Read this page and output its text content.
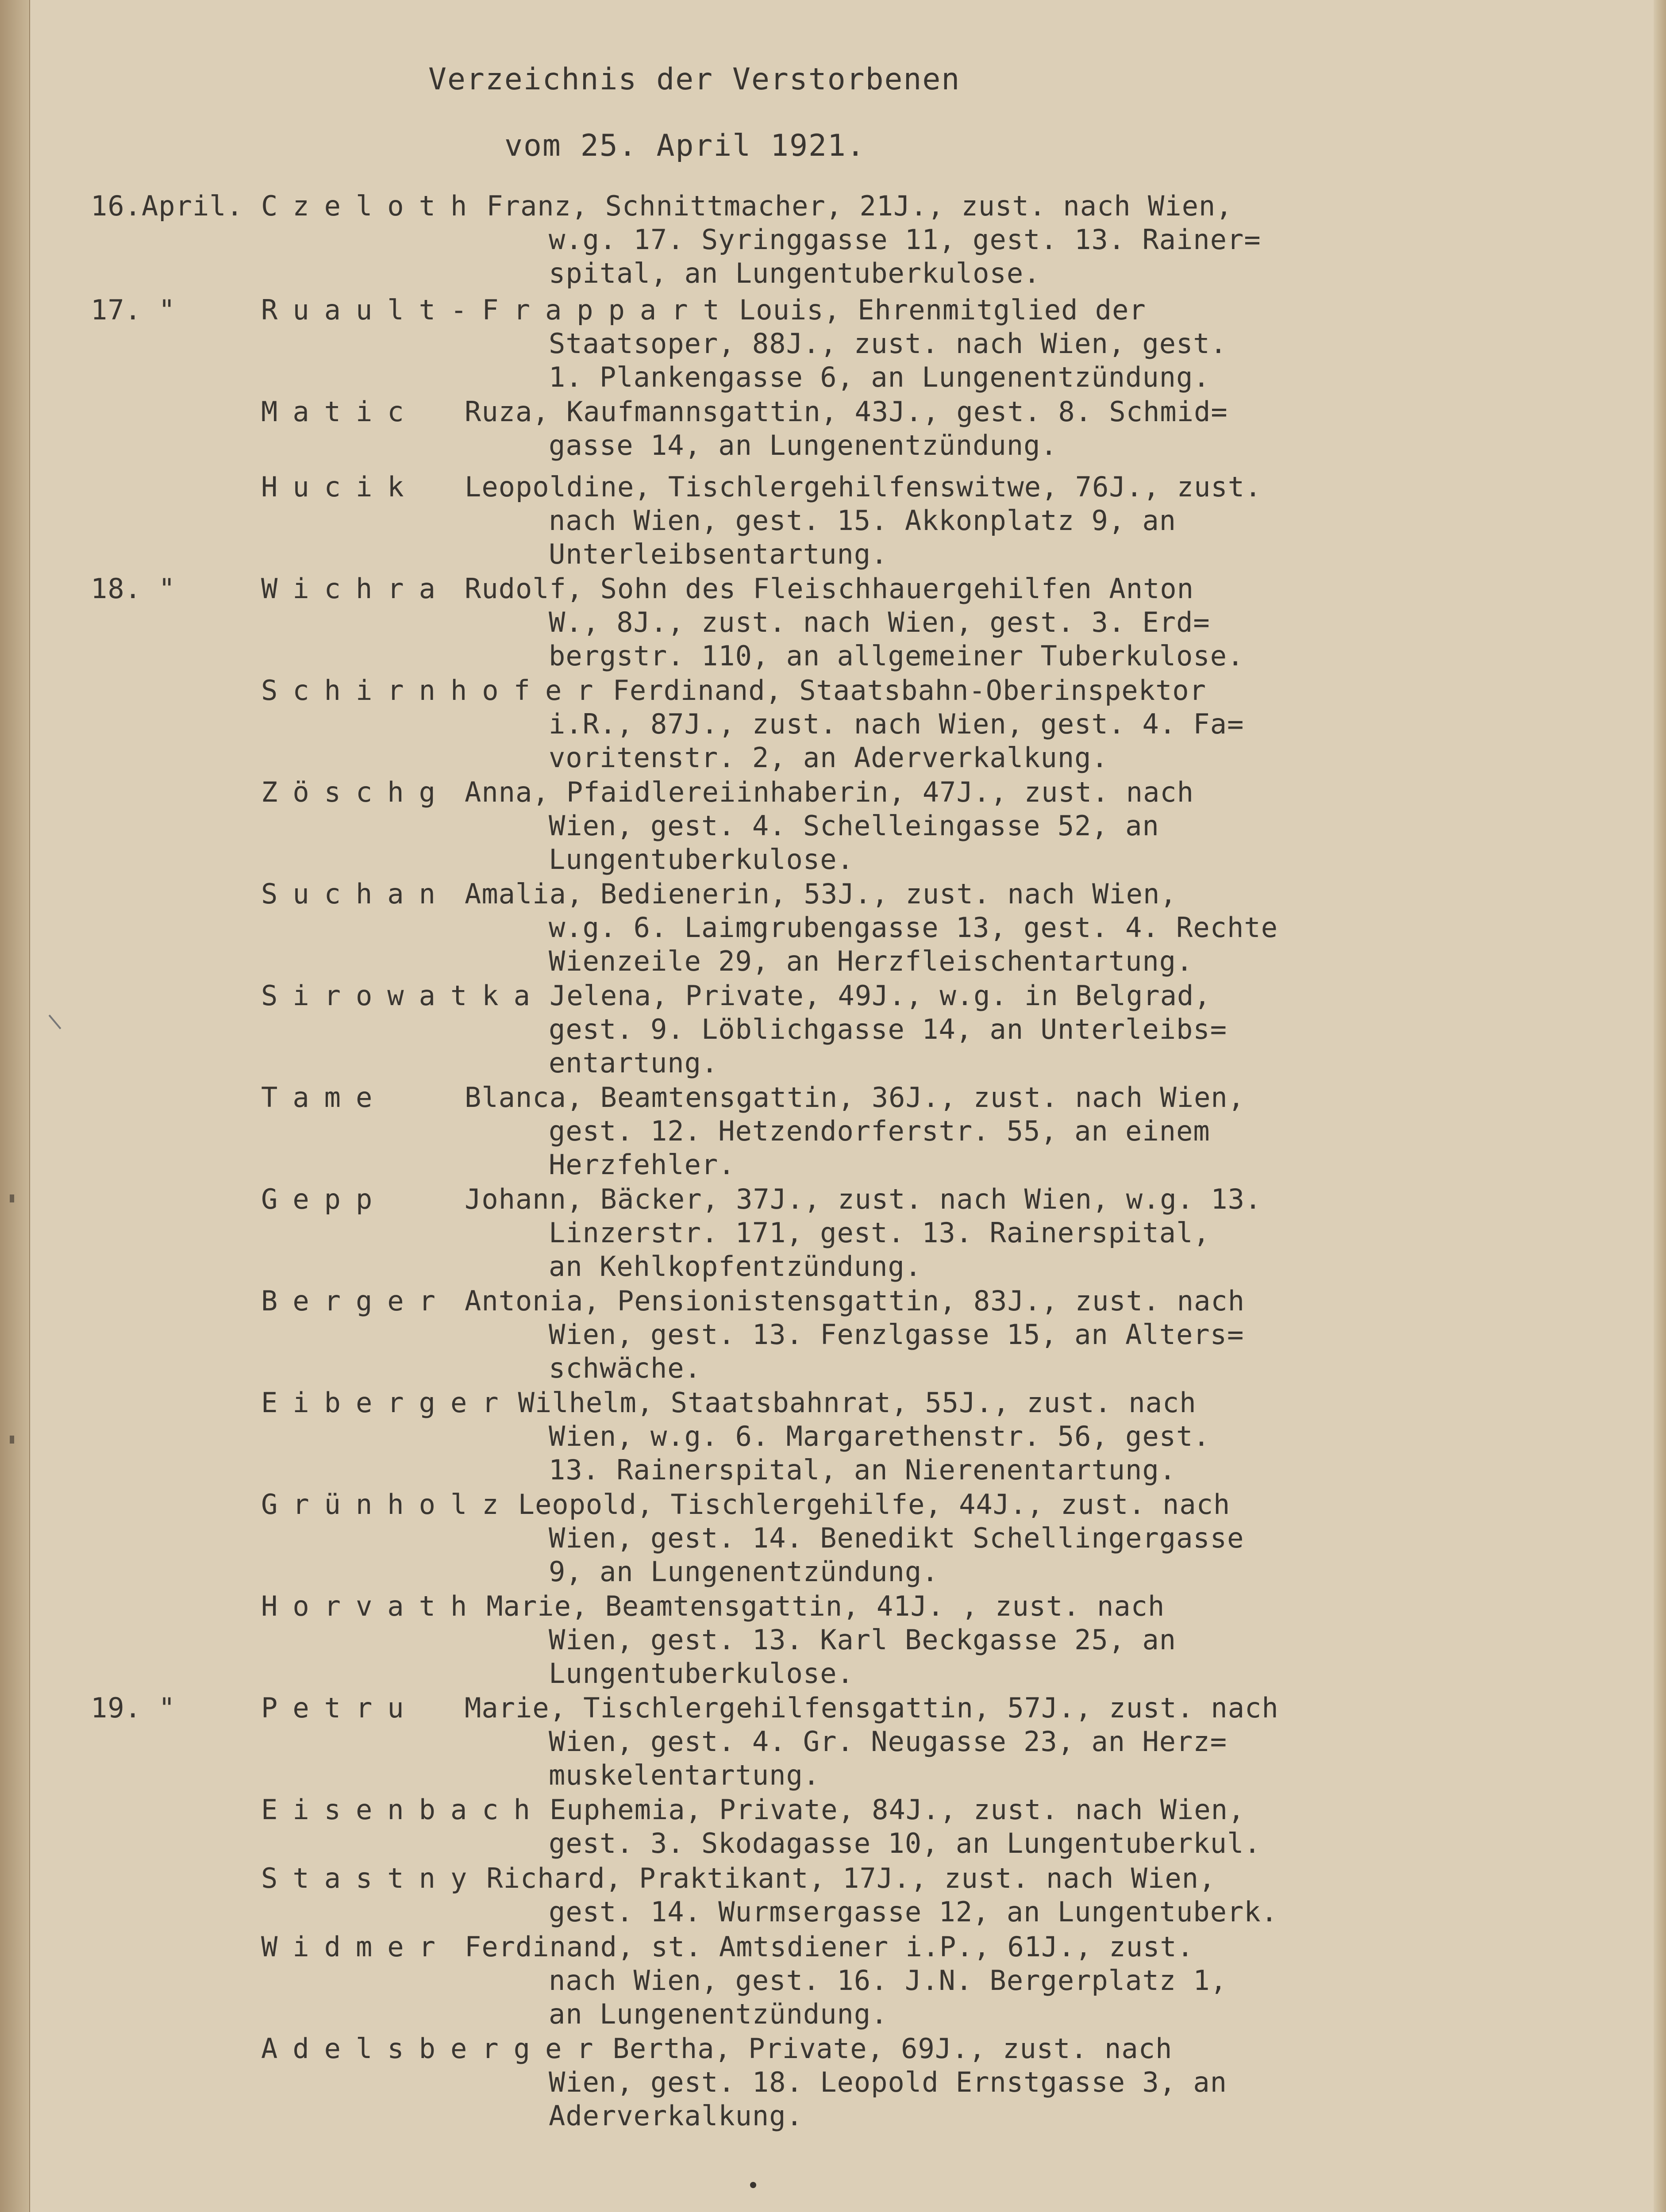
Verzeichnis der Verstorbenen
vom 25. April 1921.
16.April. Czeloth Franz, Schnittmacher, 21J., zust. nach Wien,
w.g. 17. Syringgasse 11, gest. 13. Rainer=
spital, an Lungentuberkulose.
17. "	Ruault-Frappart Louis, Ehrenmitglied der
Staatsoper, 88J., zust. nach Wien, gest.
1. Plankengasse 6, an Lungenentzündung.
Matic Ruza, Kaufmannsgattin, 43J., gest. 8. Schmid=
gasse 14, an Lungenentzündung.
Hucik Leopoldine, Tischlergehilfenswitwe, 76J., zust.
nach Wien, gest. 15. Akkonplatz 9, an
Unterleibsentartung.
18. "	Wichra Rudolf, Sohn des Fleischhauergehilfen Anton
W., 8J., zust. nach Wien, gest. 3. Erd=
bergstr. 110, an allgemeiner Tuberkulose.
Schirnhofer Ferdinand, Staatsbahn-Oberinspektor
i.R., 87J., zust. nach Wien, gest. 4. Fa=
voritenstr. 2, an Aderverkalkung.
Zöschg Anna, Pfaidlereiinhaberin, 47J., zust. nach
Wien, gest. 4. Schelleingasse 52, an
Lungentuberkulose.
Suchan Amalia, Bedienerin, 53J., zust. nach Wien,
w.g. 6. Laimgrubengasse 13, gest. 4. Rechte
Wienzeile 29, an Herzfleischentartung.
Sirowatka Jelena, Private, 49J., w.g. in Belgrad,
gest. 9. Löblichgasse 14, an Unterleibs=
entartung.
Tame	Blanca, Beamtensgattin, 36J., zust. nach Wien,
gest. 12. Hetzendorferstr. 55, an einem
Herzfehler.
Gepp	Johann, Bäcker, 37J., zust. nach Wien, w.g. 13.
Linzerstr. 171, gest. 13. Rainerspital,
an Kehlkopfentzündung.
Berger Antonia, Pensionistensgattin, 83J., zust. nach
Wien, gest. 13. Fenzlgasse 15, an Alters=
schwäche.
Eiberger Wilhelm, Staatsbahnrat, 55J., zust. nach
Wien, w.g. 6. Margarethenstr. 56, gest.
13. Rainerspital, an Nierenentartung.
Grünholz Leopold, Tischlergehilfe, 44J., zust. nach
Wien, gest. 14. Benedikt Schellingergasse
9, an Lungenentzündung.
Horvath Marie, Beamtensgattin, 41J. , zust. nach
Wien, gest. 13. Karl Beckgasse 25, an
Lungentuberkulose.
19. "	Petru Marie, Tischlergehilfensgattin, 57J., zust. nach
Wien, gest. 4. Gr. Neugasse 23, an Herz=
muskelentartung.
Eisenbach Euphemia, Private, 84J., zust. nach Wien,
gest. 3. Skodagasse 10, an Lungentuberkul.
Stastny Richard, Praktikant, 17J., zust. nach Wien,
gest. 14. Wurmsergasse 12, an Lungentuberk.
Widmer Ferdinand, st. Amtsdiener i.P., 61J., zust.
nach Wien, gest. 16. J.N. Bergerplatz 1,
an Lungenentzündung.
Adelsberger Bertha, Private, 69J., zust. nach
Wien, gest. 18. Leopold Ernstgasse 3, an
Aderverkalkung.
